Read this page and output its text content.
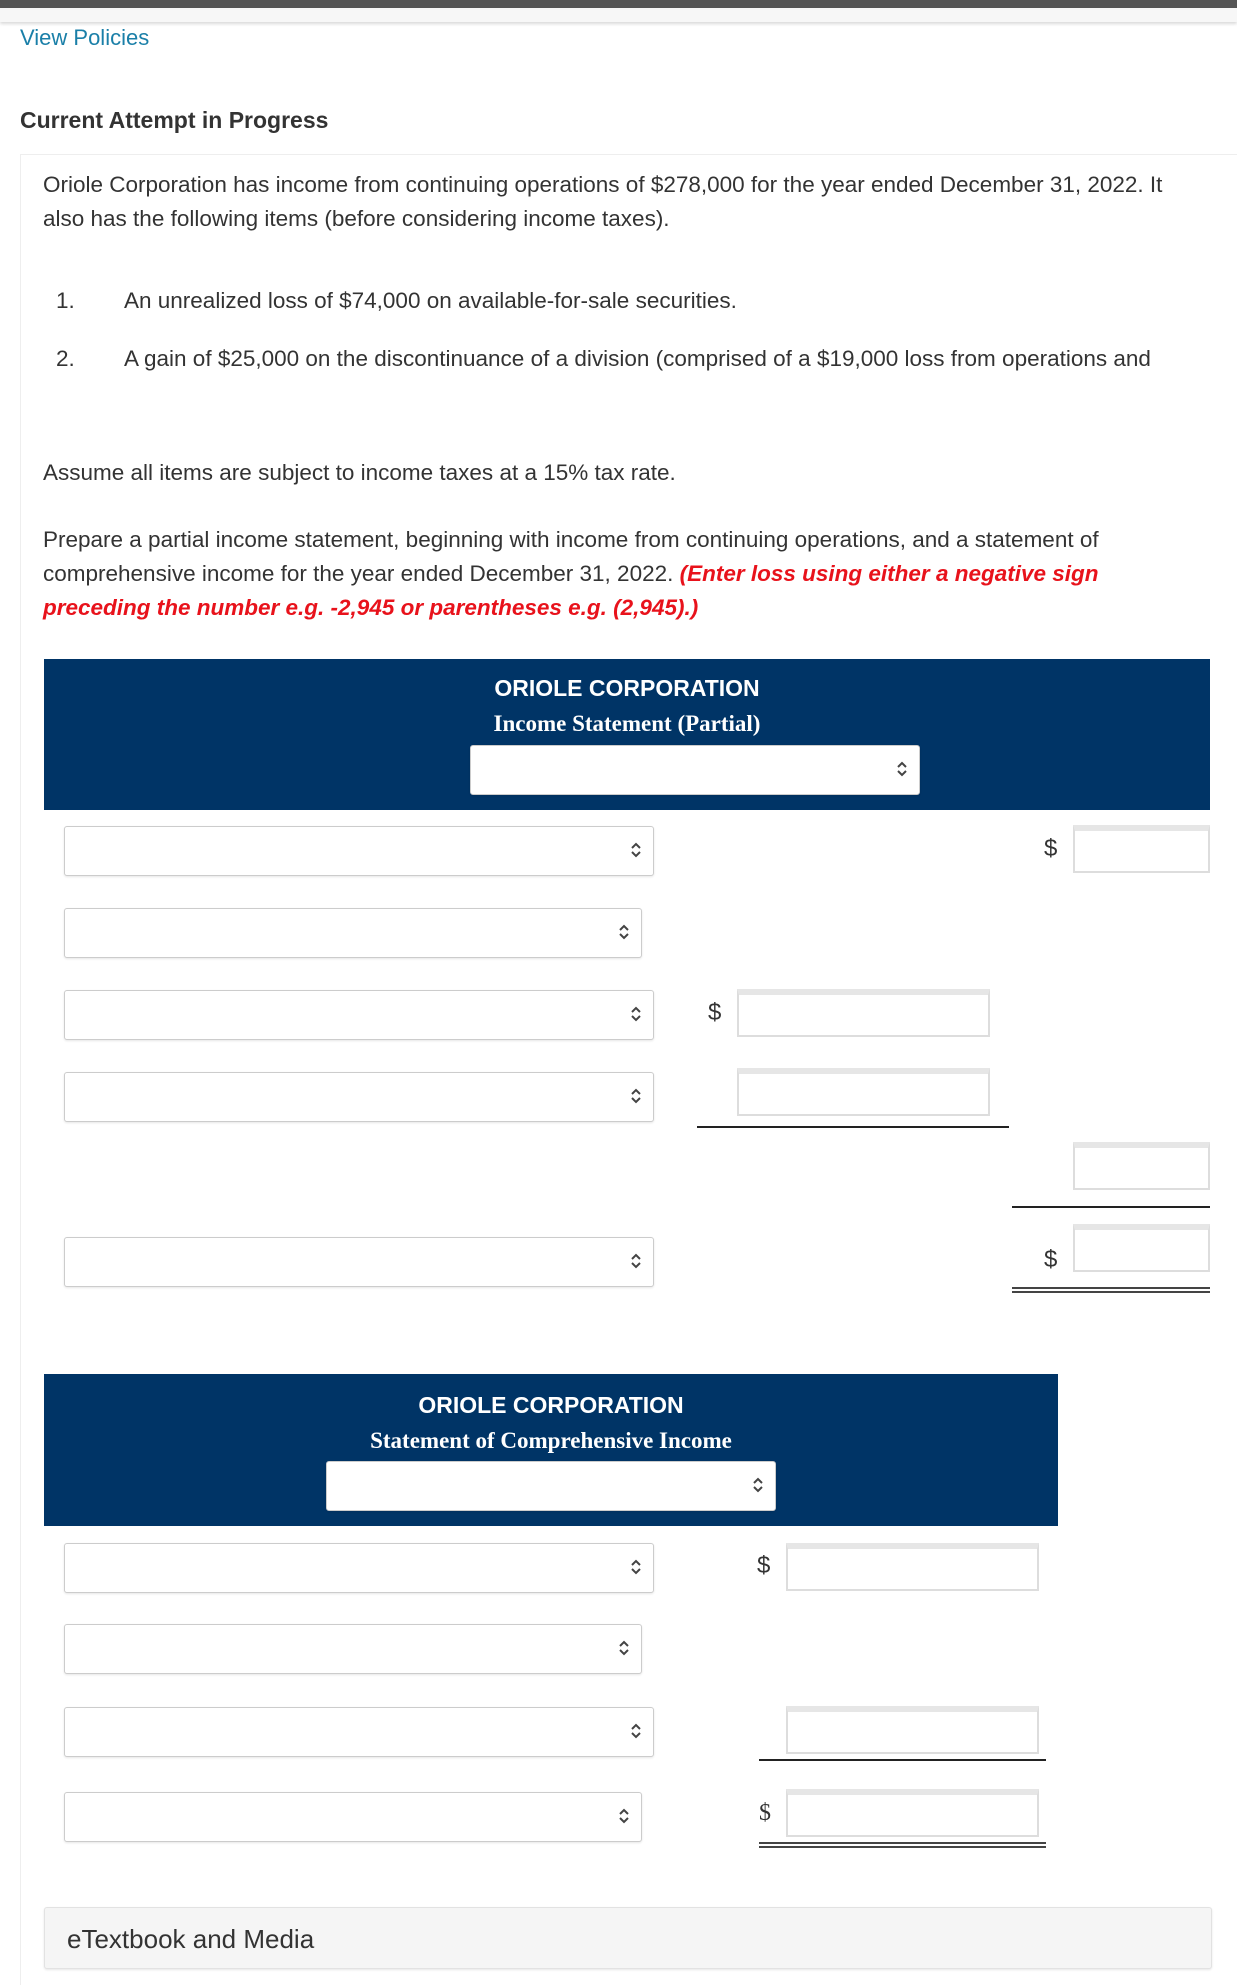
View Policies
Current Attempt in Progress
Oriole Corporation has income from continuing operations of $278,000 for the year ended December 31, 2022. It also has the following items (before considering income taxes).
1. An unrealized loss of $74,000 on available-for-sale securities.
2. A gain of $25,000 on the discontinuance of a division (comprised of a $19,000 loss from operations and
Assume all items are subject to income taxes at a 15% tax rate.
Prepare a partial income statement, beginning with income from continuing operations, and a statement of comprehensive income for the year ended December 31, 2022. (Enter loss using either a negative sign preceding the number e.g. -2,945 or parentheses e.g. (2,945).)
ORIOLE CORPORATION
Income Statement (Partial)
$
$
$
ORIOLE CORPORATION
Statement of Comprehensive Income
$
$
eTextbook and Media
